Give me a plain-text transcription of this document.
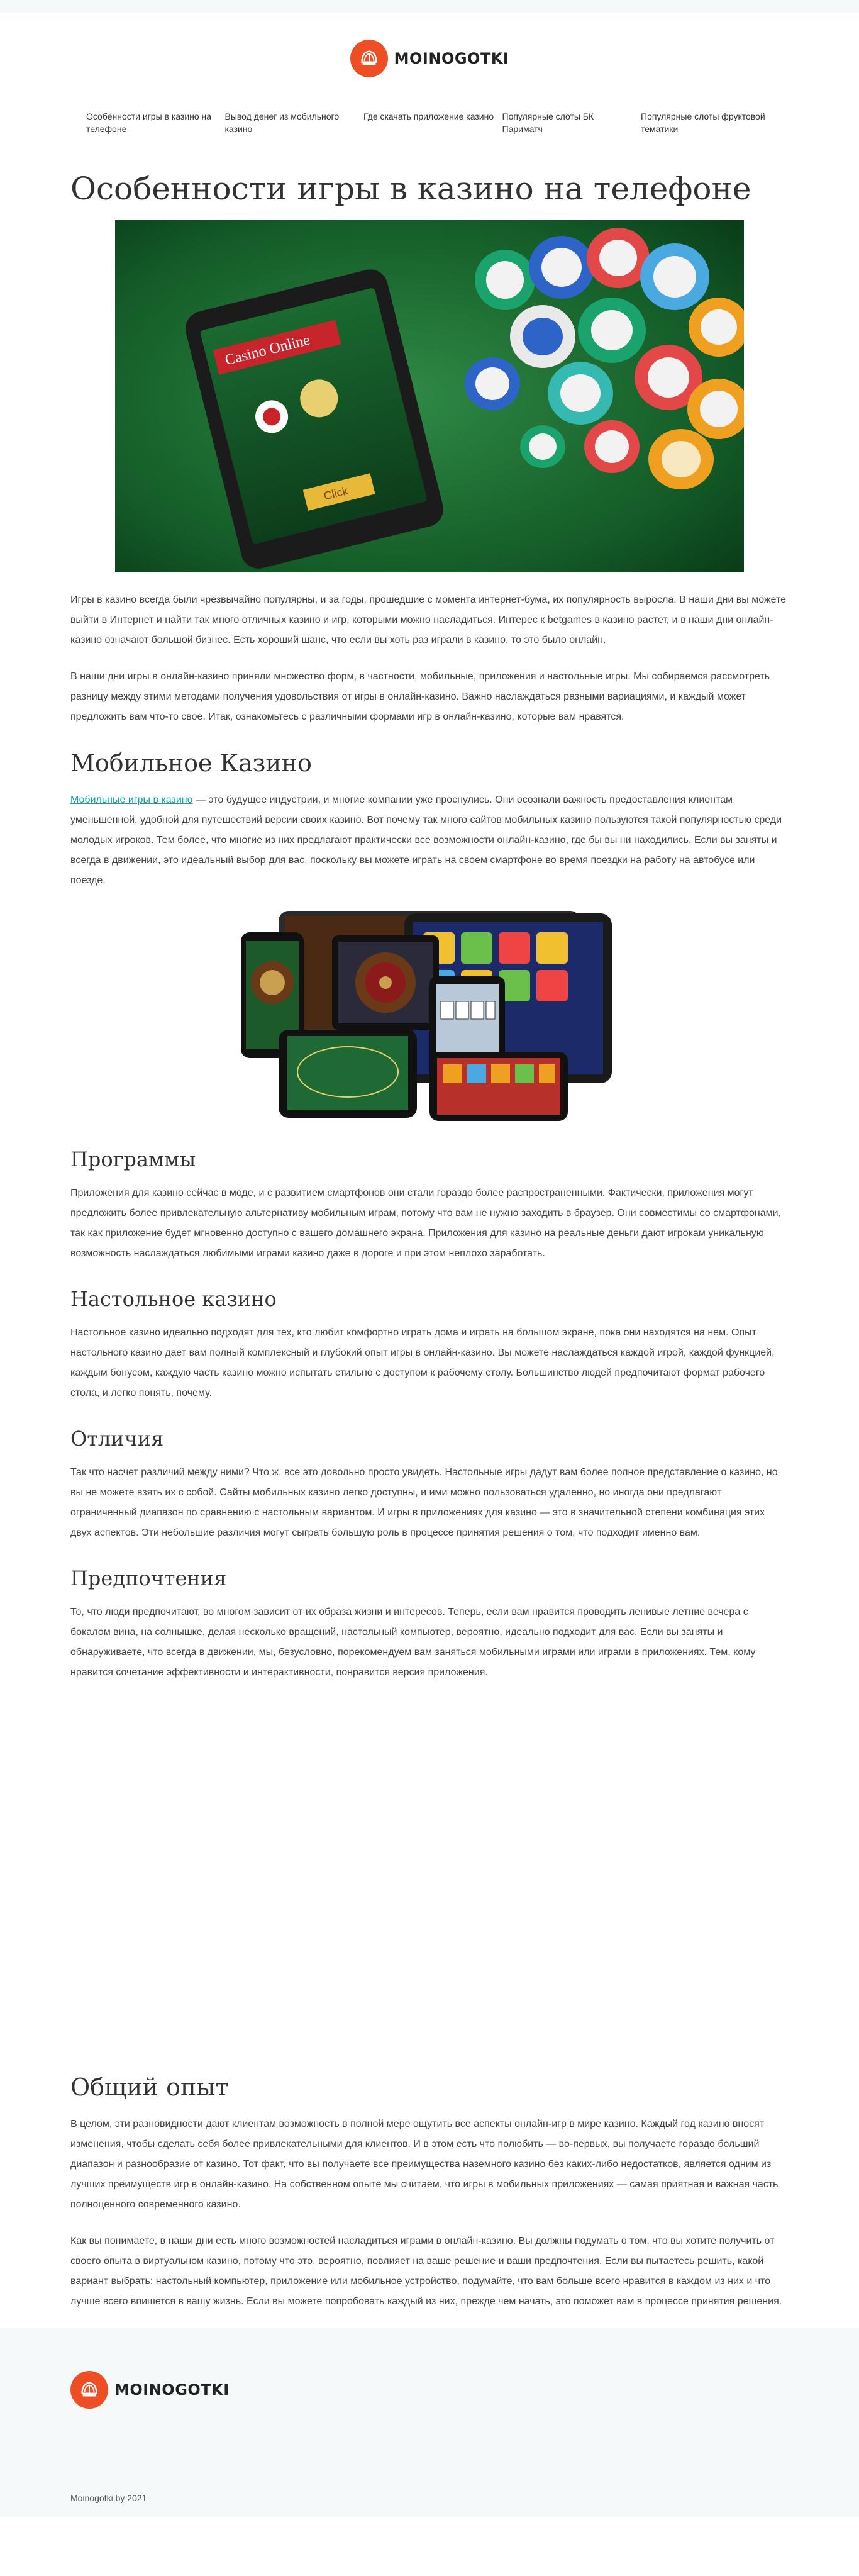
MOINOGOTKI
Особенности игры в казино на телефоне
Вывод денег из мобильного казино
Где скачать приложение казино Популярные слоты БК Париматч
Популярные слоты фруктовой тематики
Особенности игры в казино на телефоне
Casino Online
Click

Игры в казино всегда были чрезвычайно популярны, и за годы, прошедшие с момента интернет-бума, их популярность выросла. В наши дни вы можете выйти в Интернет и найти так много отличных казино и игр, которыми можно насладиться. Интерес к betgames в казино растет, и в наши дни онлайн-казино означают большой бизнес. Есть хороший шанс, что если вы хоть раз играли в казино, то это было онлайн.

В наши дни игры в онлайн-казино приняли множество форм, в частности, мобильные, приложения и настольные игры. Мы собираемся рассмотреть разницу между этими методами получения удовольствия от игры в онлайн-казино. Важно наслаждаться разными вариациями, и каждый может предложить вам что-то свое. Итак, ознакомьтесь с различными формами игр в онлайн-казино, которые вам нравятся.

Мобильное Казино

Мобильные игры в казино — это будущее индустрии, и многие компании уже проснулись. Они осознали важность предоставления клиентам уменьшенной, удобной для путешествий версии своих казино. Вот почему так много сайтов мобильных казино пользуются такой популярностью среди молодых игроков. Тем более, что многие из них предлагают практически все возможности онлайн-казино, где бы вы ни находились. Если вы заняты и всегда в движении, это идеальный выбор для вас, поскольку вы можете играть на своем смартфоне во время поездки на работу на автобусе или поезде.

Программы

Приложения для казино сейчас в моде, и с развитием смартфонов они стали гораздо более распространенными. Фактически, приложения могут предложить более привлекательную альтернативу мобильным играм, потому что вам не нужно заходить в браузер. Они совместимы со смартфонами, так как приложение будет мгновенно доступно с вашего домашнего экрана. Приложения для казино на реальные деньги дают игрокам уникальную возможность наслаждаться любимыми играми казино даже в дороге и при этом неплохо заработать.

Настольное казино

Настольное казино идеально подходят для тех, кто любит комфортно играть дома и играть на большом экране, пока они находятся на нем. Опыт настольного казино дает вам полный комплексный и глубокий опыт игры в онлайн-казино. Вы можете наслаждаться каждой игрой, каждой функцией, каждым бонусом, каждую часть казино можно испытать стильно с доступом к рабочему столу. Большинство людей предпочитают формат рабочего стола, и легко понять, почему.

Отличия

Так что насчет различий между ними? Что ж, все это довольно просто увидеть. Настольные игры дадут вам более полное представление о казино, но вы не можете взять их с собой. Сайты мобильных казино легко доступны, и ими можно пользоваться удаленно, но иногда они предлагают ограниченный диапазон по сравнению с настольным вариантом. И игры в приложениях для казино — это в значительной степени комбинация этих двух аспектов. Эти небольшие различия могут сыграть большую роль в процессе принятия решения о том, что подходит именно вам.

Предпочтения

То, что люди предпочитают, во многом зависит от их образа жизни и интересов. Теперь, если вам нравится проводить ленивые летние вечера с бокалом вина, на солнышке, делая несколько вращений, настольный компьютер, вероятно, идеально подходит для вас. Если вы заняты и обнаруживаете, что всегда в движении, мы, безусловно, порекомендуем вам заняться мобильными играми или играми в приложениях. Тем, кому нравится сочетание эффективности и интерактивности, понравится версия приложения.

Общий опыт

В целом, эти разновидности дают клиентам возможность в полной мере ощутить все аспекты онлайн-игр в мире казино. Каждый год казино вносят изменения, чтобы сделать себя более привлекательными для клиентов. И в этом есть что полюбить — во-первых, вы получаете гораздо больший диапазон и разнообразие от казино. Тот факт, что вы получаете все преимущества наземного казино без каких-либо недостатков, является одним из лучших преимуществ игр в онлайн-казино. На собственном опыте мы считаем, что игры в мобильных приложениях — самая приятная и важная часть полноценного современного казино.

Как вы понимаете, в наши дни есть много возможностей насладиться играми в онлайн-казино. Вы должны подумать о том, что вы хотите получить от своего опыта в виртуальном казино, потому что это, вероятно, повлияет на ваше решение и ваши предпочтения. Если вы пытаетесь решить, какой вариант выбрать: настольный компьютер, приложение или мобильное устройство, подумайте, что вам больше всего нравится в каждом из них и что лучше всего впишется в вашу жизнь. Если вы можете попробовать каждый из них, прежде чем начать, это поможет вам в процессе принятия решения.

MOINOGOTKI
Moinogotki.by 2021
